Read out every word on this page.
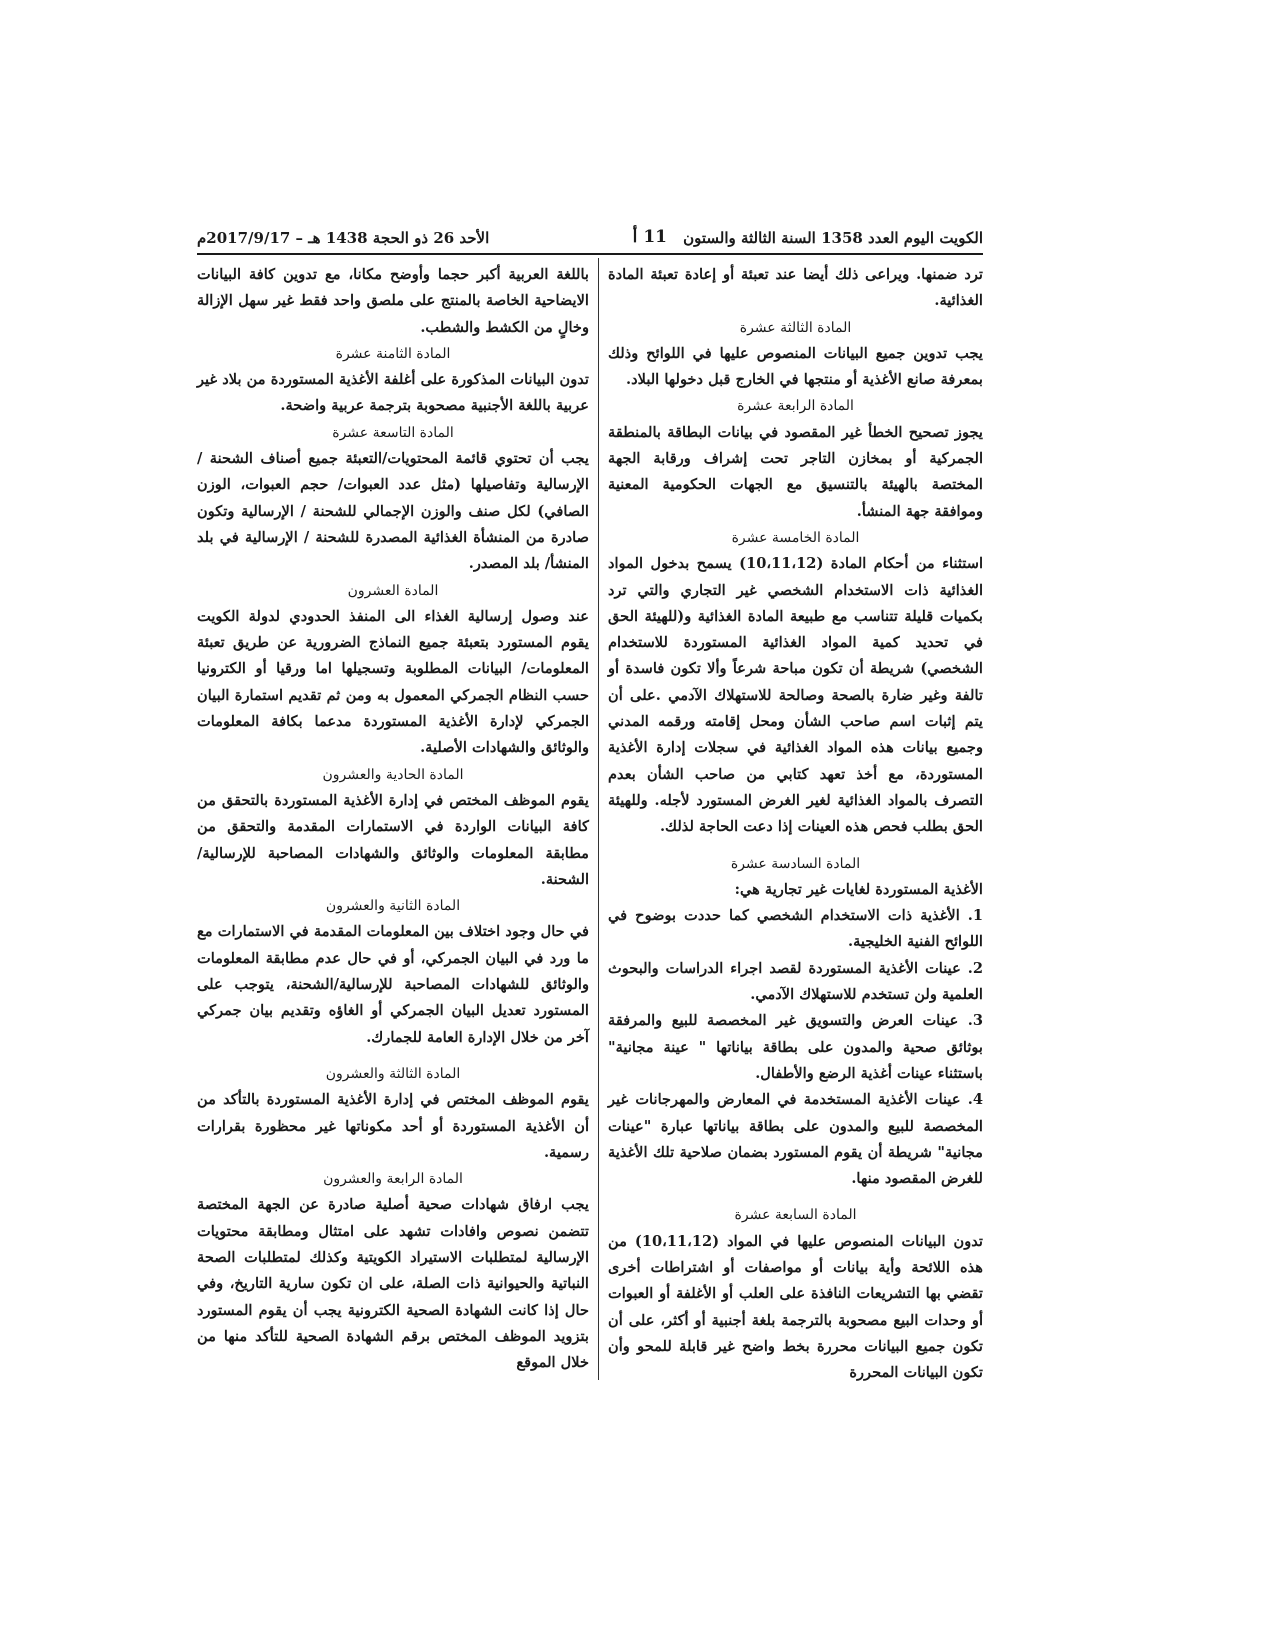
الكويت اليوم العدد 1358 السنة الثالثة والستون
11 أ
الأحد 26 ذو الحجة 1438 هـ – 2017/9/17م

ترد ضمنها. ويراعى ذلك أيضا عند تعبئة أو إعادة تعبئة المادة الغذائية.

المادة الثالثة عشرة

يجب تدوين جميع البيانات المنصوص عليها في اللوائح وذلك بمعرفة صانع الأغذية أو منتجها في الخارج قبل دخولها البلاد.

المادة الرابعة عشرة

يجوز تصحيح الخطأ غير المقصود في بيانات البطاقة بالمنطقة الجمركية أو بمخازن التاجر تحت إشراف ورقابة الجهة المختصة بالهيئة بالتنسيق مع الجهات الحكومية المعنية وموافقة جهة المنشأ.

المادة الخامسة عشرة

استثناء من أحكام المادة (10،11،12) يسمح بدخول المواد الغذائية ذات الاستخدام الشخصي غير التجاري والتي ترد بكميات قليلة تتناسب مع طبيعة المادة الغذائية و(للهيئة الحق في تحديد كمية المواد الغذائية المستوردة للاستخدام الشخصي) شريطة أن تكون مباحة شرعاً وألا تكون فاسدة أو تالفة وغير ضارة بالصحة وصالحة للاستهلاك الآدمي .على أن يتم إثبات اسم صاحب الشأن ومحل إقامته ورقمه المدني وجميع بيانات هذه المواد الغذائية في سجلات إدارة الأغذية المستوردة، مع أخذ تعهد كتابي من صاحب الشأن بعدم التصرف بالمواد الغذائية لغير الغرض المستورد لأجله. وللهيئة الحق بطلب فحص هذه العينات إذا دعت الحاجة لذلك.

المادة السادسة عشرة

الأغذية المستوردة لغايات غير تجارية هي:

1. الأغذية ذات الاستخدام الشخصي كما حددت بوضوح في اللوائح الفنية الخليجية.

2. عينات الأغذية المستوردة لقصد اجراء الدراسات والبحوث العلمية ولن تستخدم للاستهلاك الآدمي.

3. عينات العرض والتسويق غير المخصصة للبيع والمرفقة بوثائق صحية والمدون على بطاقة بياناتها " عينة مجانية" باستثناء عينات أغذية الرضع والأطفال.

4. عينات الأغذية المستخدمة في المعارض والمهرجانات غير المخصصة للبيع والمدون على بطاقة بياناتها عبارة "عينات مجانية" شريطة أن يقوم المستورد بضمان صلاحية تلك الأغذية للغرض المقصود منها.

المادة السابعة عشرة

تدون البيانات المنصوص عليها في المواد (10،11،12) من هذه اللائحة وأية بيانات أو مواصفات أو اشتراطات أخرى تقضي بها التشريعات النافذة على العلب أو الأغلفة أو العبوات أو وحدات البيع مصحوبة بالترجمة بلغة أجنبية أو أكثر، على أن تكون جميع البيانات محررة بخط واضح غير قابلة للمحو وأن تكون البيانات المحررة

باللغة العربية أكبر حجما وأوضح مكانا، مع تدوين كافة البيانات الايضاحية الخاصة بالمنتج على ملصق واحد فقط غير سهل الإزالة وخالٍ من الكشط والشطب.

المادة الثامنة عشرة

تدون البيانات المذكورة على أغلفة الأغذية المستوردة من بلاد غير عربية باللغة الأجنبية مصحوبة بترجمة عربية واضحة.

المادة التاسعة عشرة

يجب أن تحتوي قائمة المحتويات/التعبئة جميع أصناف الشحنة / الإرسالية وتفاصيلها (مثل عدد العبوات/ حجم العبوات، الوزن الصافي) لكل صنف والوزن الإجمالي للشحنة / الإرسالية وتكون صادرة من المنشأة الغذائية المصدرة للشحنة / الإرسالية في بلد المنشأ/ بلد المصدر.

المادة العشرون

عند وصول إرسالية الغذاء الى المنفذ الحدودي لدولة الكويت يقوم المستورد بتعبئة جميع النماذج الضرورية عن طريق تعبئة المعلومات/ البيانات المطلوبة وتسجيلها اما ورقيا أو الكترونيا حسب النظام الجمركي المعمول به ومن ثم تقديم استمارة البيان الجمركي لإدارة الأغذية المستوردة مدعما بكافة المعلومات والوثائق والشهادات الأصلية.

المادة الحادية والعشرون

يقوم الموظف المختص في إدارة الأغذية المستوردة بالتحقق من كافة البيانات الواردة في الاستمارات المقدمة والتحقق من مطابقة المعلومات والوثائق والشهادات المصاحبة للإرسالية/الشحنة.

المادة الثانية والعشرون

في حال وجود اختلاف بين المعلومات المقدمة في الاستمارات مع ما ورد في البيان الجمركي، أو في حال عدم مطابقة المعلومات والوثائق للشهادات المصاحبة للإرسالية/الشحنة، يتوجب على المستورد تعديل البيان الجمركي أو الغاؤه وتقديم بيان جمركي آخر من خلال الإدارة العامة للجمارك.

المادة الثالثة والعشرون

يقوم الموظف المختص في إدارة الأغذية المستوردة بالتأكد من أن الأغذية المستوردة أو أحد مكوناتها غير محظورة بقرارات رسمية.

المادة الرابعة والعشرون

يجب ارفاق شهادات صحية أصلية صادرة عن الجهة المختصة تتضمن نصوص وافادات تشهد على امتثال ومطابقة محتويات الإرسالية لمتطلبات الاستيراد الكويتية وكذلك لمتطلبات الصحة النباتية والحيوانية ذات الصلة، على ان تكون سارية التاريخ، وفي حال إذا كانت الشهادة الصحية الكترونية يجب أن يقوم المستورد بتزويد الموظف المختص برقم الشهادة الصحية للتأكد منها من خلال الموقع
